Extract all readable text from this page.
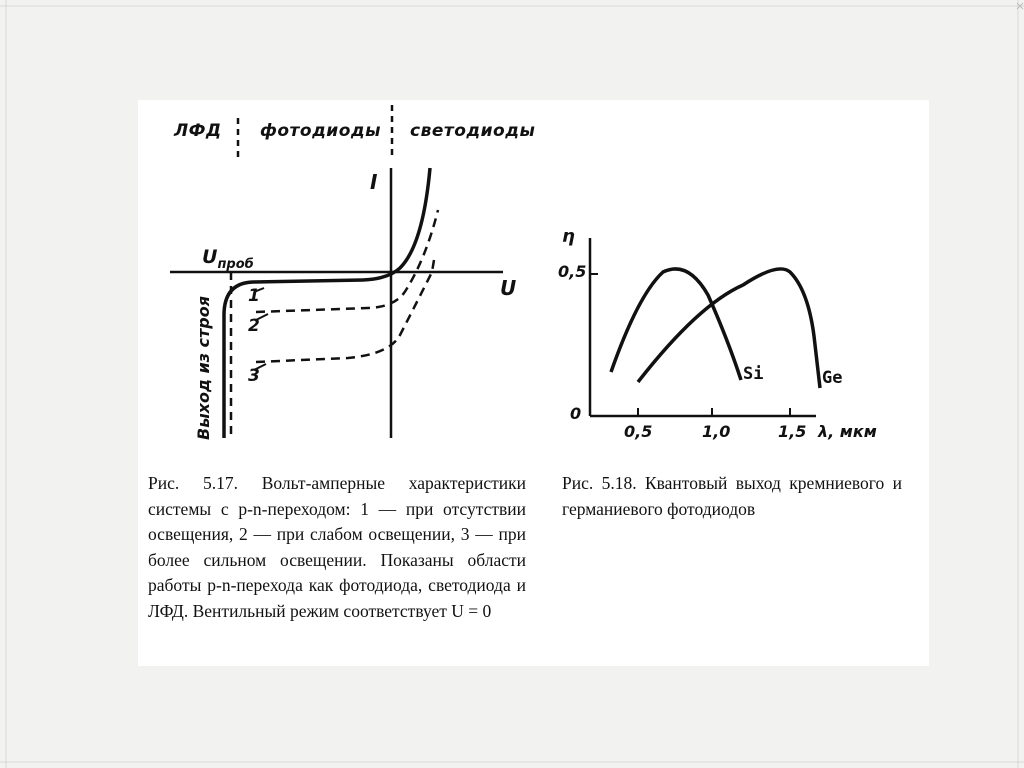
ЛФД фотодиоды светодиоды
I
U
$U_{проб}$
Выход из строя 1
2
3
η
0,5
0
0,5	1,0	1,5 λ, мкм
Si	Ge
Рис. 5.17. Вольт-амперные характеристики системы с p-n-переходом: 1 — при отсутствии освещения, 2 — при слабом освещении, 3 — при более сильном освещении. Показаны области работы p-n-перехода как фотодиода, светодиода и ЛФД. Вентильный режим соответствует U = 0
Рис. 5.18. Квантовый выход кремниевого и германиевого фотодиодов
